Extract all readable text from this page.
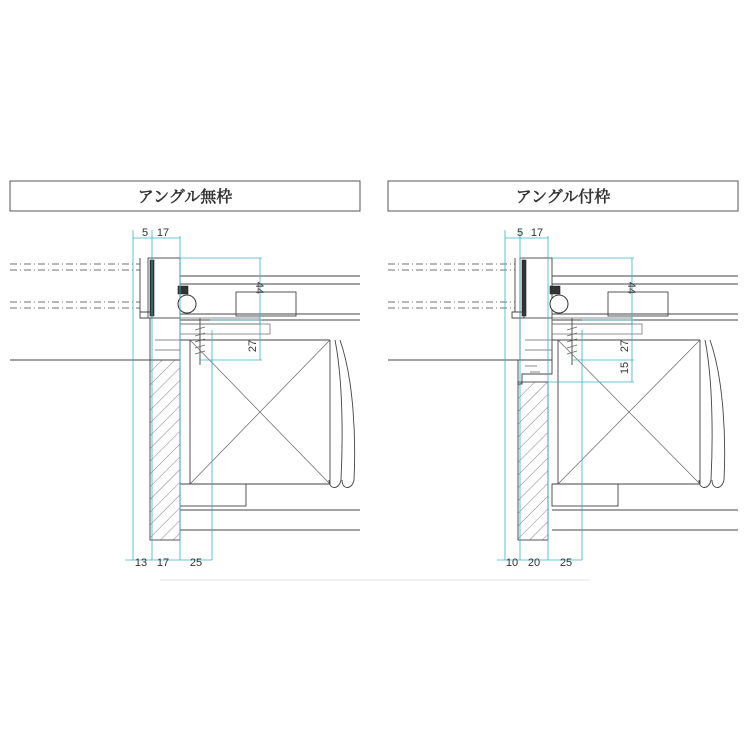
アングル無枠
5 17
44
27
13 17 25
アングル付枠
5 17
44
27
15
10 20 25
